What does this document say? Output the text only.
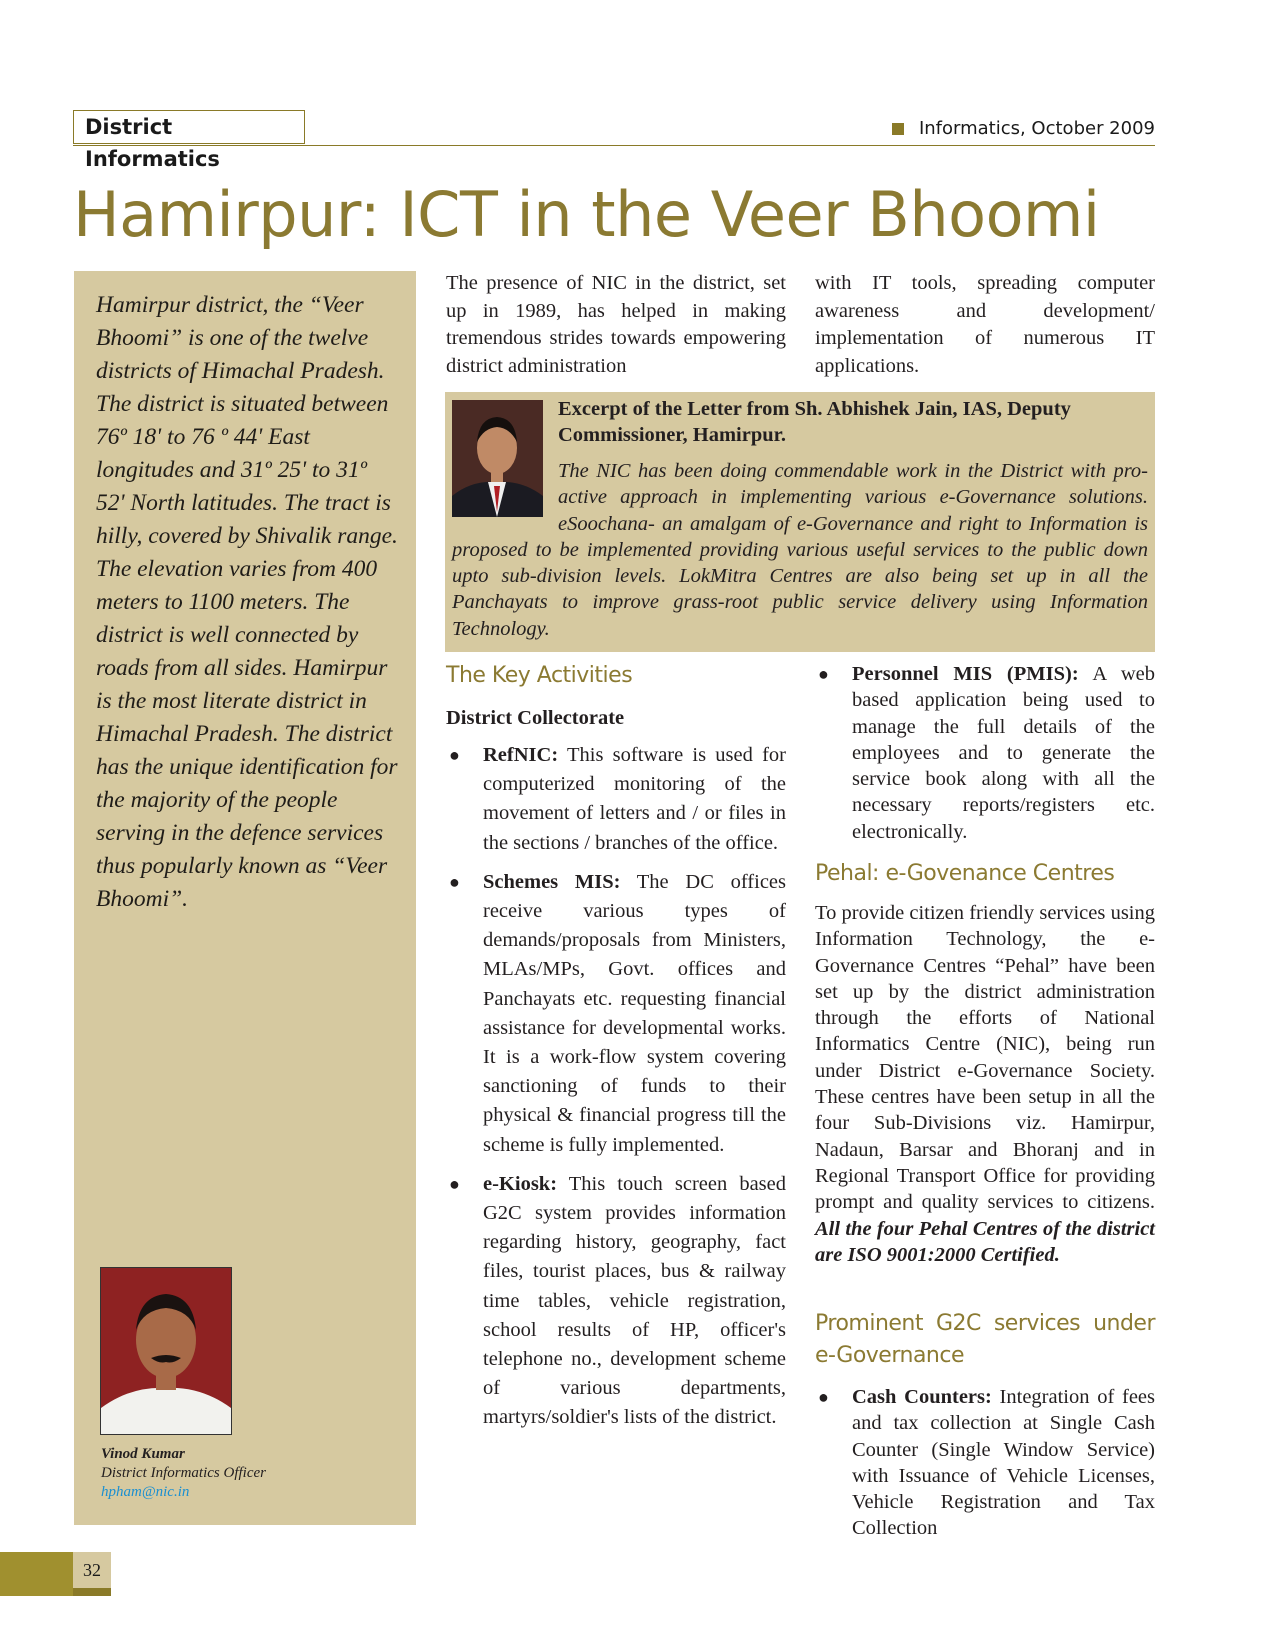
District Informatics
Informatics, October 2009
Hamirpur: ICT in the Veer Bhoomi
Hamirpur district, the “Veer Bhoomi” is one of the twelve districts of Himachal Pradesh. The district is situated between 76º 18' to 76 º 44' East longitudes and 31º 25' to 31º 52' North latitudes. The tract is hilly, covered by Shivalik range. The elevation varies from 400 meters to 1100 meters. The district is well connected by roads from all sides. Hamirpur is the most literate district in Himachal Pradesh. The district has the unique identification for the majority of the people serving in the defence services thus popularly known as “Veer Bhoomi”.
Vinod Kumar
District Informatics Officer
hpham@nic.in

The presence of NIC in the district, set up in 1989, has helped in making tremendous strides towards empowering district administration

with IT tools, spreading computer awareness and development/ implementation of numerous IT applications.

Excerpt of the Letter from Sh. Abhishek Jain, IAS, Deputy Commissioner, Hamirpur.
The NIC has been doing commendable work in the District with pro-active approach in implementing various e-Governance solutions. eSoochana- an amalgam of e-Governance and right to Information is proposed to be implemented providing various useful services to the public down upto sub-division levels. LokMitra Centres are also being set up in all the Panchayats to improve grass-root public service delivery using Information Technology.
The Key Activities
District Collectorate
● RefNIC: This software is used for computerized monitoring of the movement of letters and / or files in the sections / branches of the office.
● Schemes MIS: The DC offices receive various types of demands/proposals from Ministers, MLAs/MPs, Govt. offices and Panchayats etc. requesting financial assistance for developmental works. It is a work-flow system covering sanctioning of funds to their physical & financial progress till the scheme is fully implemented.
● e-Kiosk: This touch screen based G2C system provides information regarding history, geography, fact files, tourist places, bus & railway time tables, vehicle registration, school results of HP, officer's telephone no., development scheme of various departments, martyrs/soldier's lists of the district.
● Personnel MIS (PMIS): A web based application being used to manage the full details of the employees and to generate the service book along with all the necessary reports/registers etc. electronically.
Pehal: e-Govenance Centres
To provide citizen friendly services using Information Technology, the e-Governance Centres “Pehal” have been set up by the district administration through the efforts of National Informatics Centre (NIC), being run under District e-Governance Society. These centres have been setup in all the four Sub-Divisions viz. Hamirpur, Nadaun, Barsar and Bhoranj and in Regional Transport Office for providing prompt and quality services to citizens. All the four Pehal Centres of the district are ISO 9001:2000 Certified.
Prominent G2C services under e-Governance
● Cash Counters: Integration of fees and tax collection at Single Cash Counter (Single Window Service) with Issuance of Vehicle Licenses, Vehicle Registration and Tax Collection
32
